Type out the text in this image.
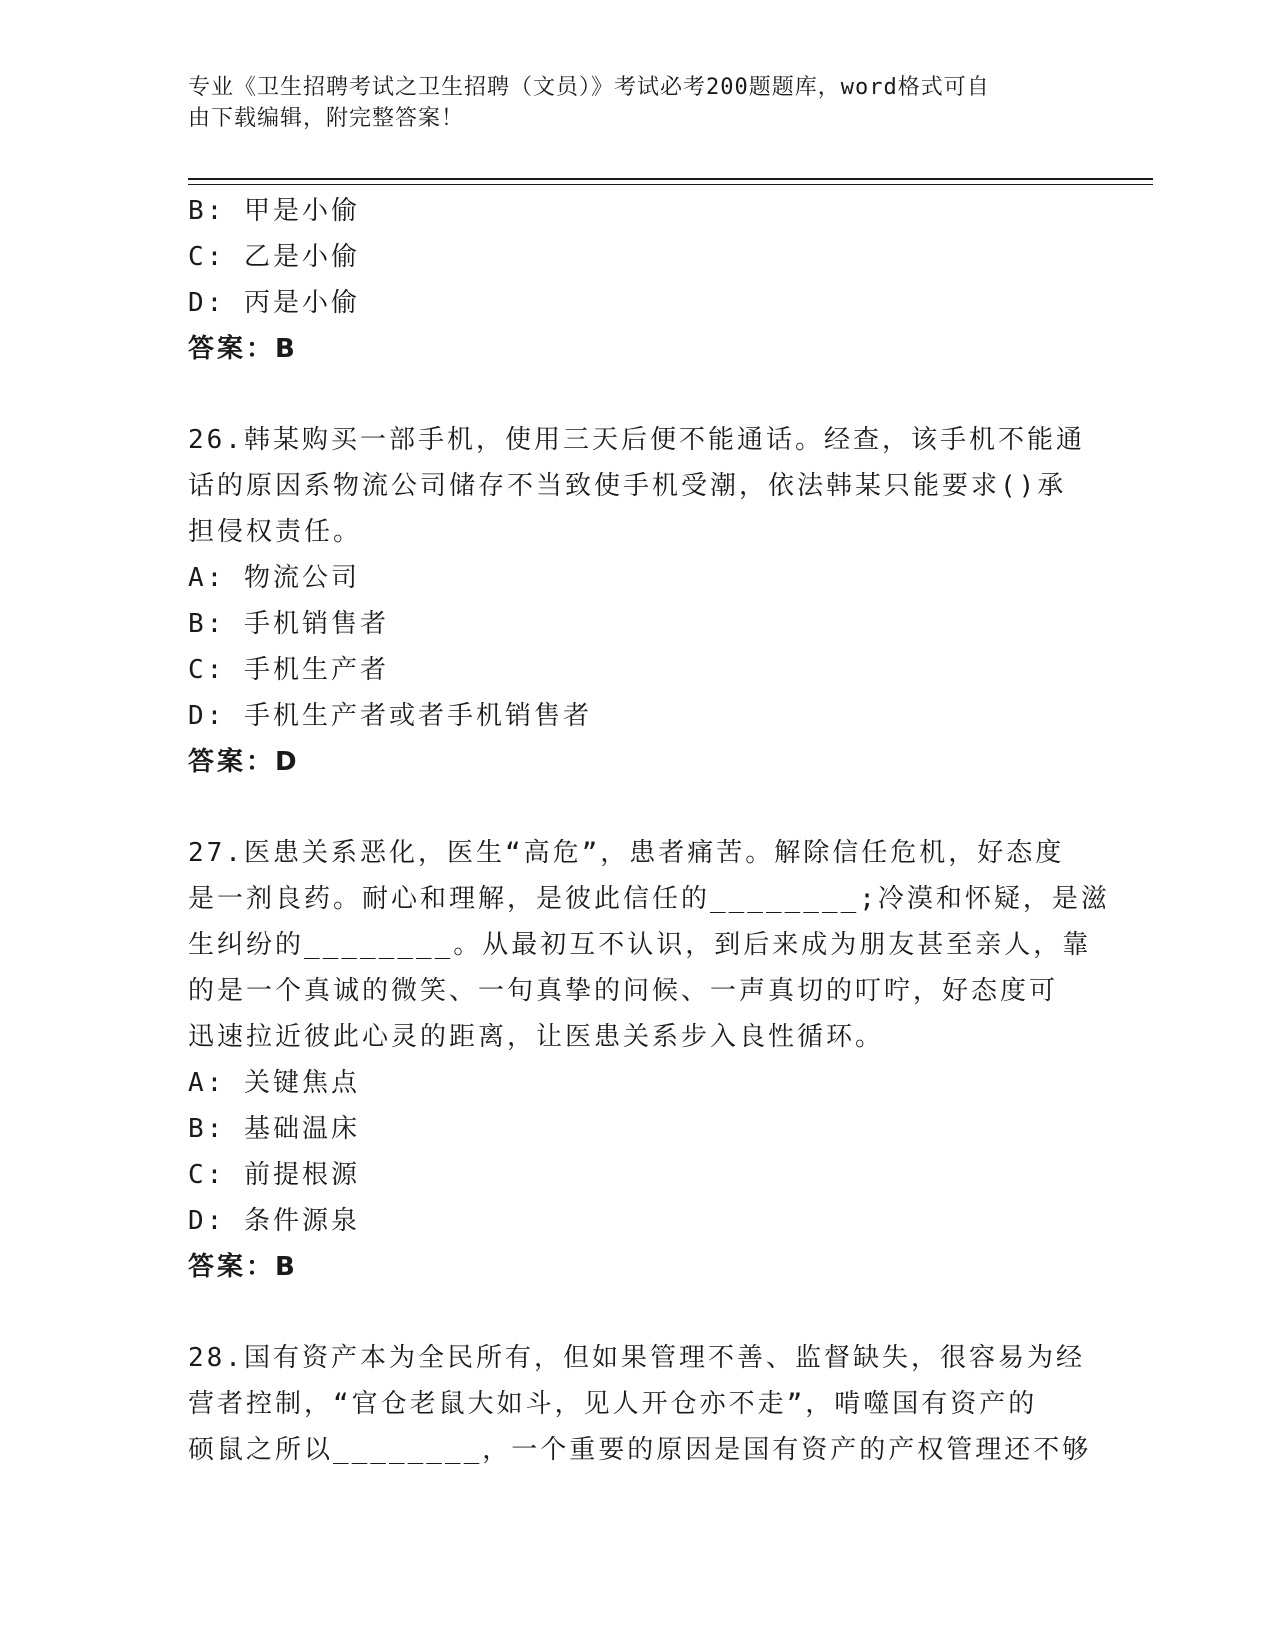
专业《卫生招聘考试之卫生招聘（文员）》考试必考200题题库，word格式可自
由下载编辑，附完整答案！
B: 甲是小偷
C: 乙是小偷
D: 丙是小偷
答案：B
26.韩某购买一部手机，使用三天后便不能通话。经查，该手机不能通
话的原因系物流公司储存不当致使手机受潮，依法韩某只能要求()承
担侵权责任。
A: 物流公司
B: 手机销售者
C: 手机生产者
D: 手机生产者或者手机销售者
答案：D
27.医患关系恶化，医生“高危”，患者痛苦。解除信任危机，好态度
是一剂良药。耐心和理解，是彼此信任的________;冷漠和怀疑，是滋
生纠纷的________。从最初互不认识，到后来成为朋友甚至亲人，靠
的是一个真诚的微笑、一句真挚的问候、一声真切的叮咛，好态度可
迅速拉近彼此心灵的距离，让医患关系步入良性循环。
A: 关键焦点
B: 基础温床
C: 前提根源
D: 条件源泉
答案：B
28.国有资产本为全民所有，但如果管理不善、监督缺失，很容易为经
营者控制，“官仓老鼠大如斗，见人开仓亦不走”，啃噬国有资产的
硕鼠之所以________，一个重要的原因是国有资产的产权管理还不够
